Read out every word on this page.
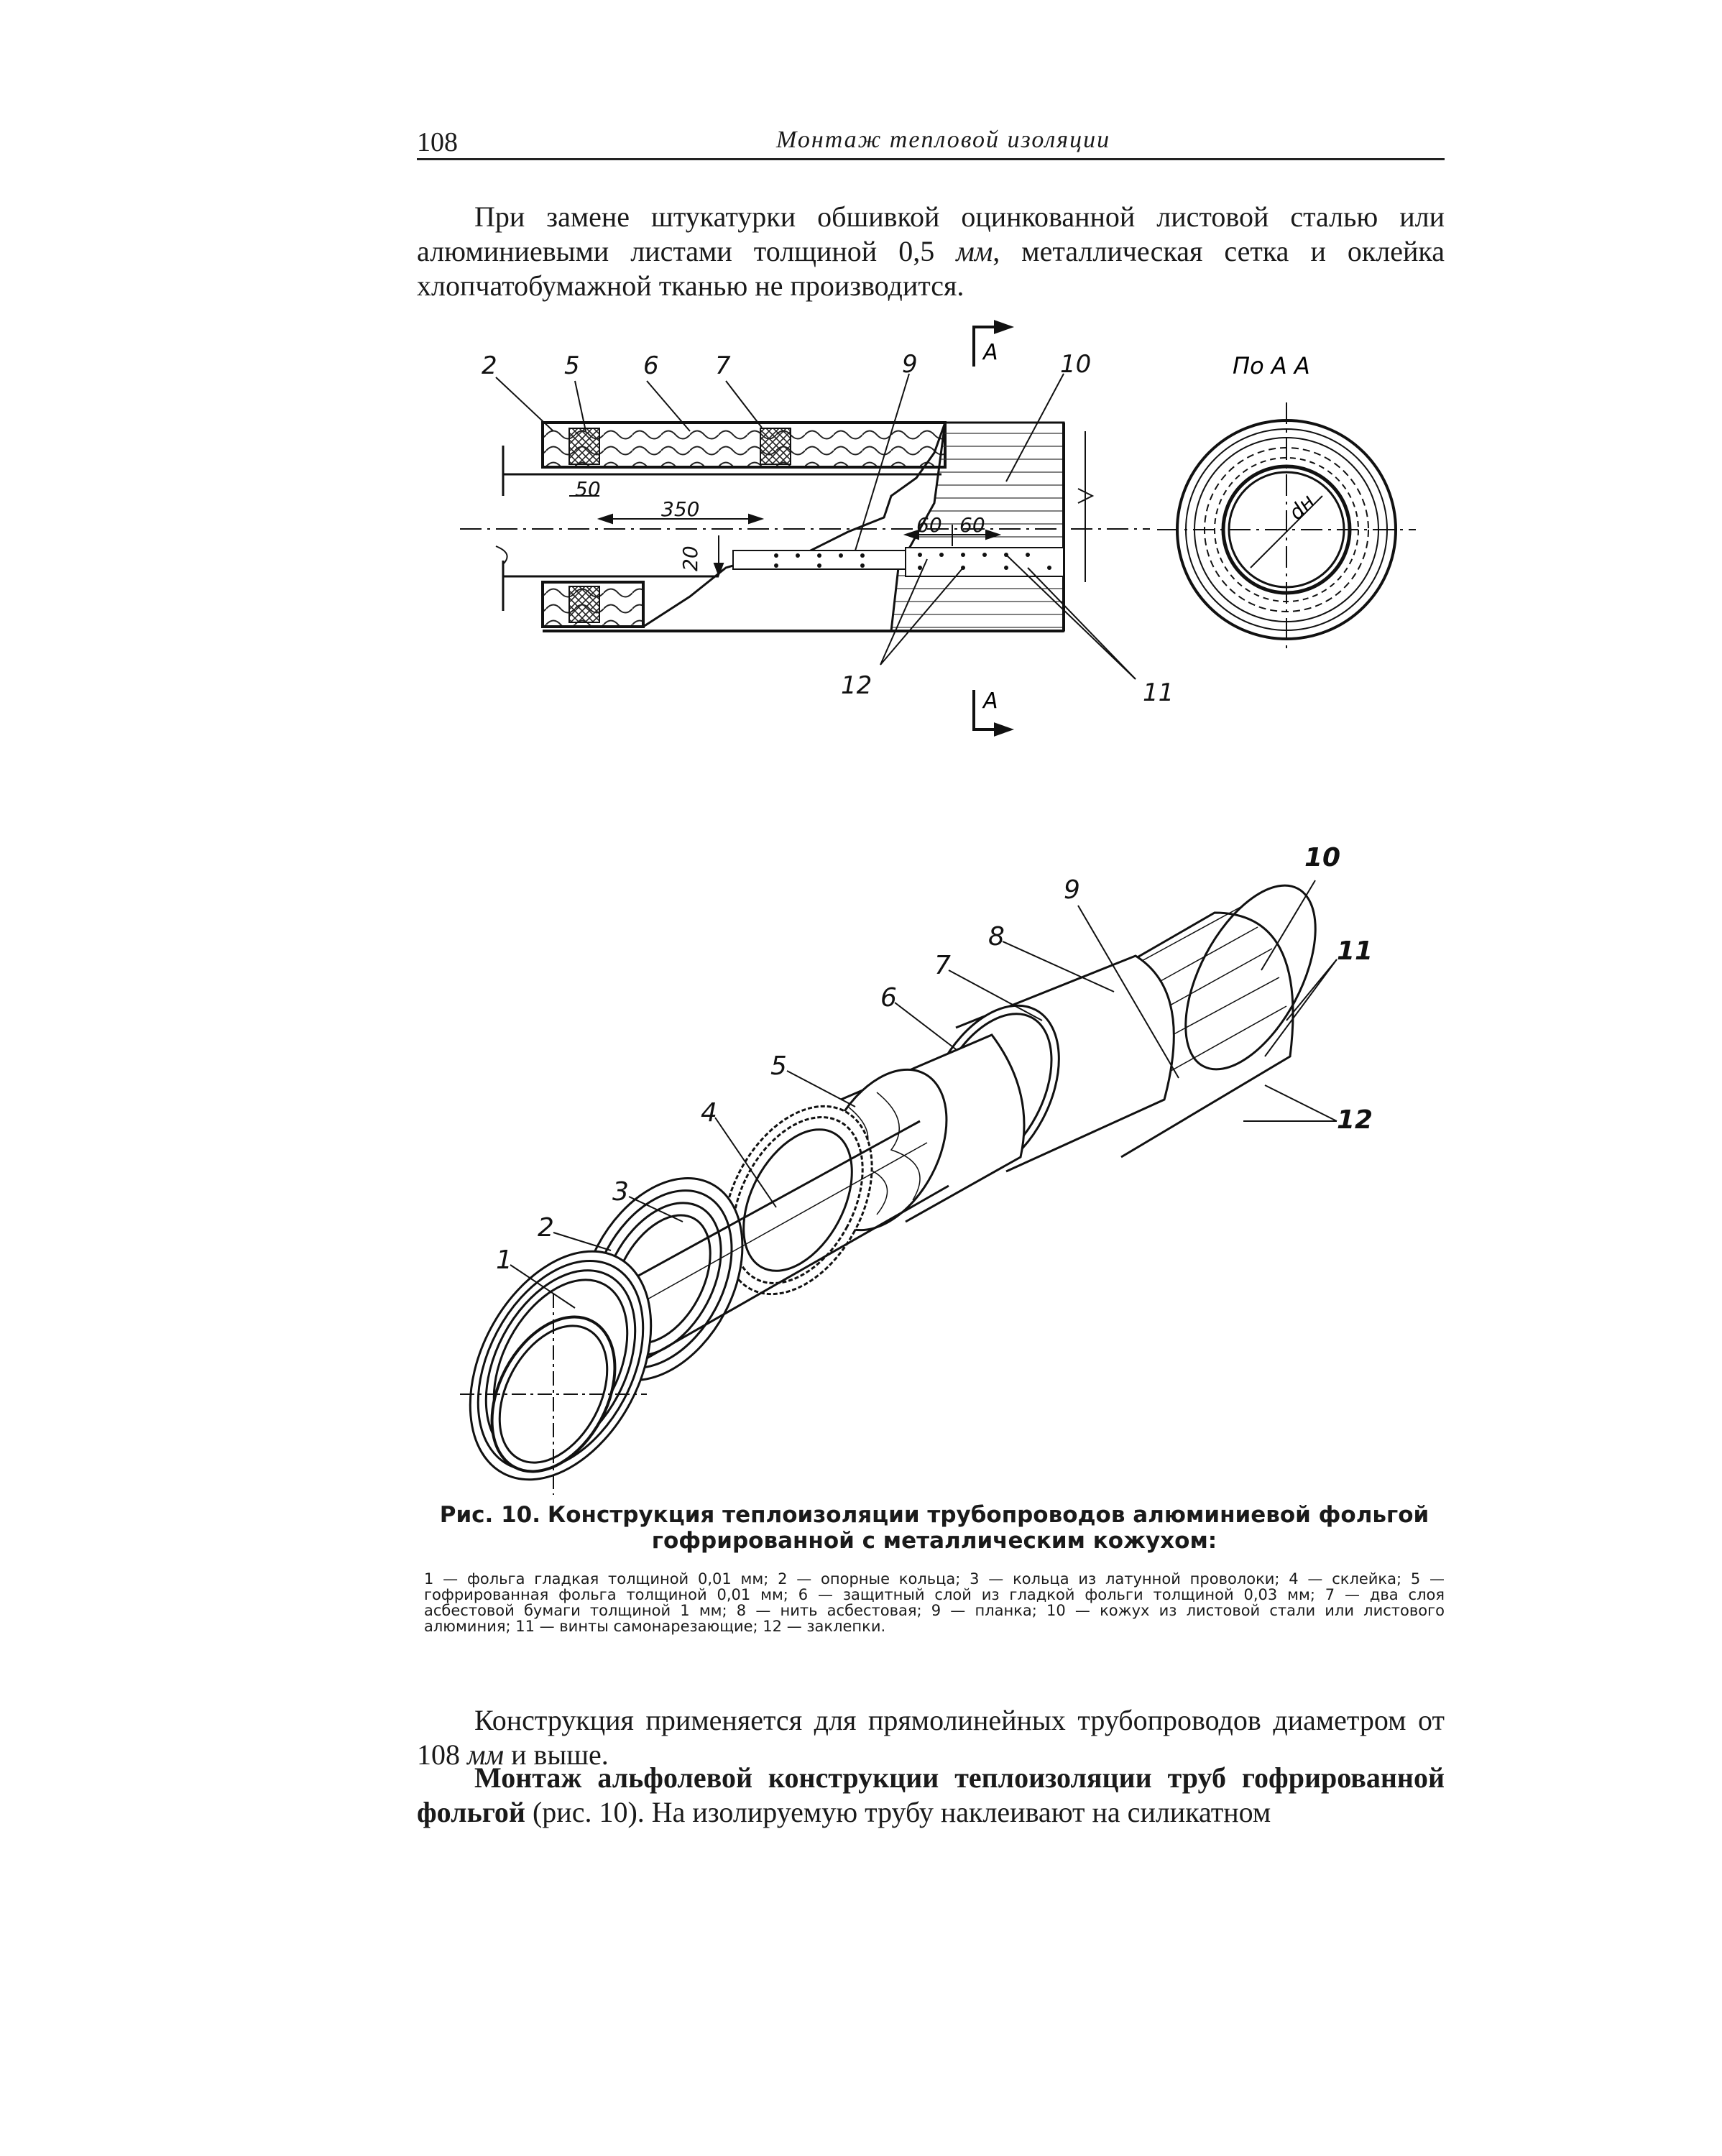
108	Монтаж тепловой изоляции

При замене штукатурки обшивкой оцинкованной листовой сталью или алюминиевыми листами толщиной 0,5 мм, металлическая сетка и оклейка хлопчатобумажной тканью не производится.

50
350
20
60 60
А
А
2	5	6 7	9	10
12	11
По А А
dн
1
2
3
4
5
6
7
8
9
10
11
12

Рис. 10. Конструкция теплоизоляции трубопроводов алюминиевой фольгой гофрированной с металлическим кожухом:

1 — фольга гладкая толщиной 0,01 мм; 2 — опорные кольца; 3 — кольца из латунной проволоки; 4 — склейка; 5 — гофрированная фольга толщиной 0,01 мм; 6 — защитный слой из гладкой фольги толщиной 0,03 мм; 7 — два слоя асбестовой бумаги толщиной 1 мм; 8 — нить асбестовая; 9 — планка; 10 — кожух из листовой стали или листового алюминия; 11 — винты самонарезающие; 12 — заклепки.

Конструкция применяется для прямолинейных трубопроводов диаметром от 108 мм и выше.

Монтаж альфолевой конструкции теплоизоляции труб гофрированной фольгой (рис. 10). На изолируемую трубу наклеивают на силикатном
